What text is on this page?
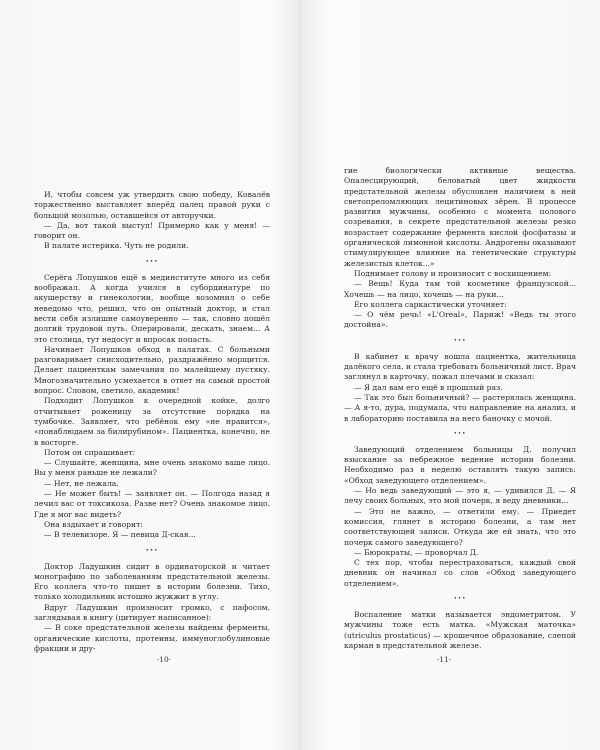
И, чтобы совсем уж утвердить свою победу, Ковалёв торжественно выставляет вперёд палец правой руки с большой мозолью, оставшейся от авторучки.

— Да, вот такой выступ! Примерно как у меня! — говорит он.

В палате истерика. Чуть не родили.

•••

Серёга Лопушков ещё в мединституте много из себя воображал. А когда учился в субординатуре по акушерству и гинекологии, вообще возомнил о себе неведомо что, решил, что он опытный доктор, и стал вести себя излишне самоуверенно — так, словно пошёл долгий трудовой путь. Оперировали, дескать, знаем... А это столица, тут недосуг и впросак попасть.

Начинает Лопушков обход в палатах. С больными разговаривает снисходительно, раздражённо морщится. Делает пациенткам замечания по малейшему пустяку. Многозначительно усмехается в ответ на самый простой вопрос. Словом, светило, академик!

Подходит Лопушков к очередной койке, долго отчитывает роженицу за отсутствие порядка на тумбочке. Заявляет, что ребёнок ему «не нравится», «понаблюдаем за билирубином». Пациентка, конечно, не в восторге.

Потом он спрашивает:

— Слушайте, женщина, мне очень знакомо ваше лицо. Вы у меня раньше не лежали?

— Нет, не лежала.

— Не может быть! — заявляет он. — Полгода назад я лечил вас от токсикоза. Разве нет? Очень знакомое лицо. Где я мог вас видеть?

Она вздыхает и говорит:

— В телевизоре. Я — певица Д-ская...

•••

Доктор Ладушкин сидит в ординаторской и читает монографию по заболеваниям предстательной железы. Его коллега что-то пишет в истории болезни. Тихо, только холодильник истошно жужжит в углу.

Вдруг Ладушкин произносит громко, с пафосом, заглядывая в книгу (цитирует написанное):

— В соке предстательной железы найдены ферменты, органические кислоты, протеины, иммуноглобулиновые фракции и дру-

·10·

гие биологически активные вещества. Опалесцирующий, беловатый цвет жидкости предстательной железы обусловлен наличием в ней светопреломляющих лецитиновых зёрен. В процессе развития мужчины, особенно с момента полового созревания, в секрете предстательной железы резко возрастает содержание фермента кислой фосфатазы и органической лимонной кислоты. Андрогены оказывают стимулирующее влияние на генетические структуры железистых клеток...»

Поднимает голову и произносит с восхищением:

— Вещь! Куда там той косметике французской... Хочешь — на лицо, хочешь — на руки...

Его коллега саркастически уточняет:

— О чём речь! «L'Oreal», Париж! «Ведь ты этого достойна».

•••

В кабинет к врачу вошла пациентка, жительница далёкого села, и стала требовать больничный лист. Врач заглянул в карточку, пожал плечами и сказал:

— Я дал вам его ещё в прошлый раз.

— Так это был больничный? — растерялась женщина. — А я-то, дура, подумала, что направление на анализ, и в лабораторию поставила на него баночку с мочой.

•••

Заведующий отделением больницы Д. получил взыскание за небрежное ведение истории болезни. Необходимо раз в неделю оставлять такую запись: «Обход заведующего отделением».

— Но ведь заведующий — это я, — удивился Д. — Я лечу своих больных, это мой почерк, я веду дневники...

— Это не важно, — ответили ему. — Приедет комиссия, глянет в историю болезни, а там нет соответствующей записи. Откуда же ей знать, что это почерк самого заведующего?

— Бюрократы, — проворчал Д.

С тех пор, чтобы перестраховаться, каждый свой дневник он начинал со слов «Обход заведующего отделением».

•••

Воспаление матки называется эндометритом. У мужчины тоже есть матка. «Мужская маточка» (utriculus prostaticus) — крошечное образование, слепой карман в предстательной железе.

·11·
